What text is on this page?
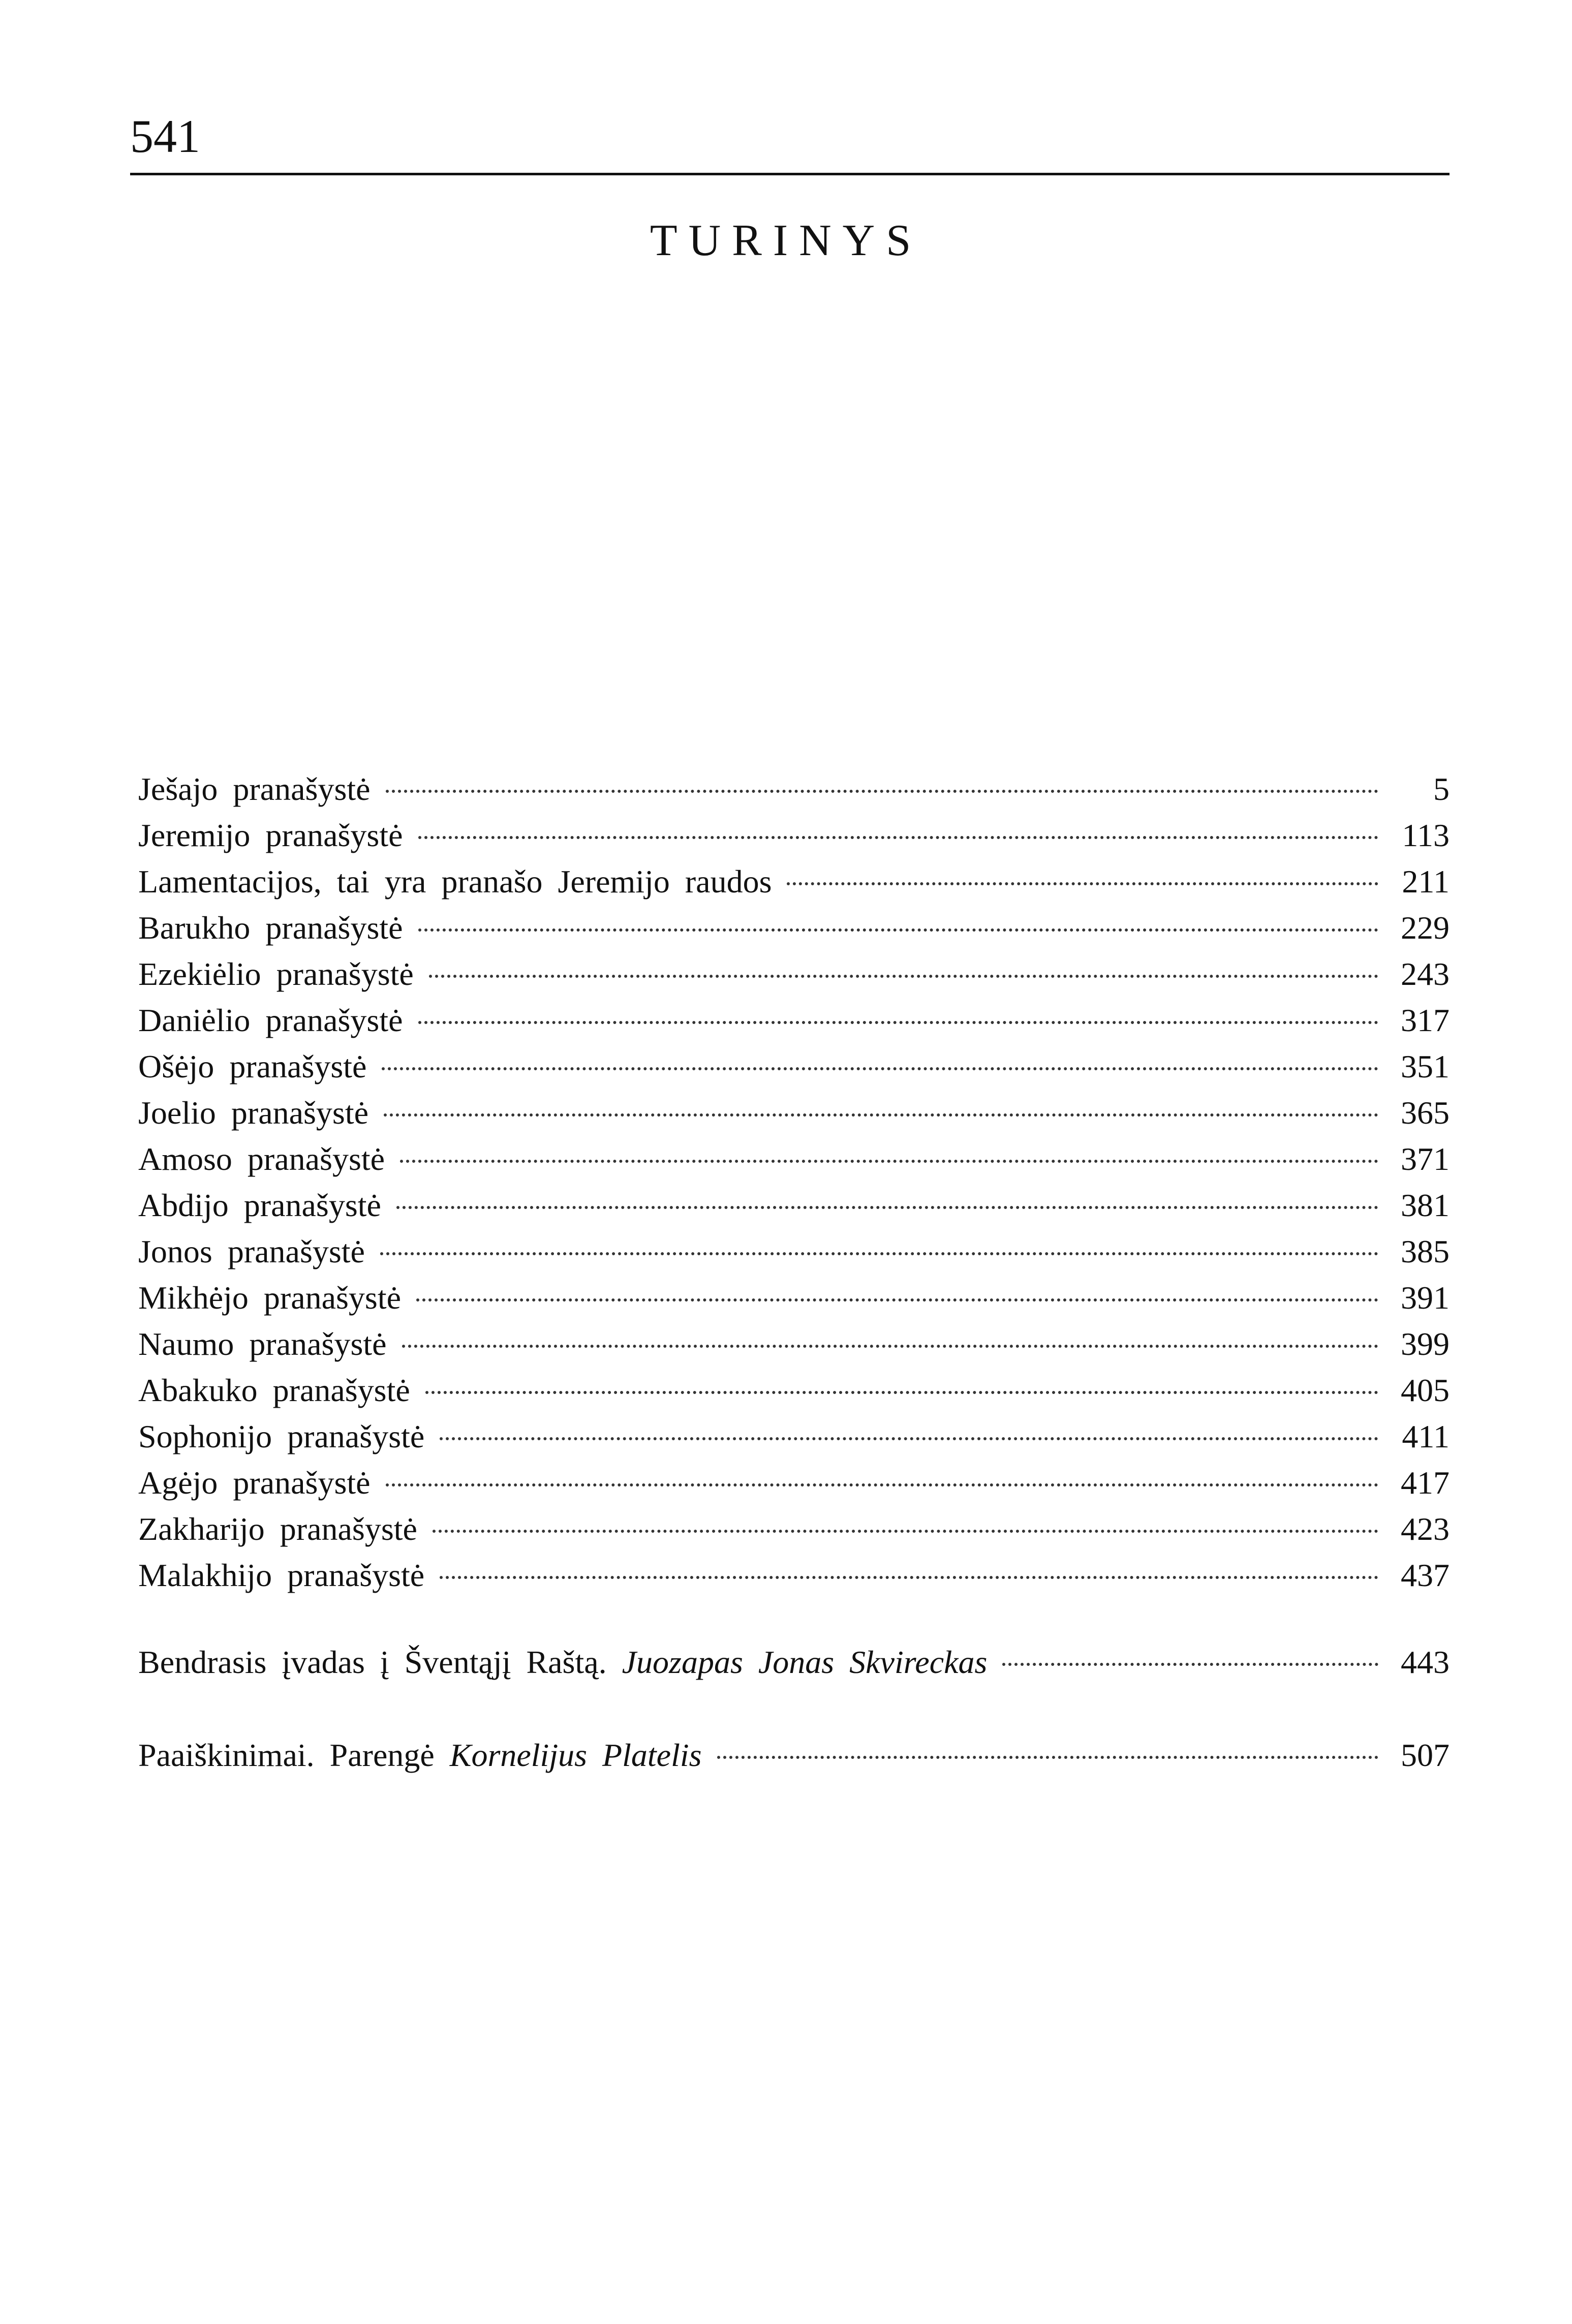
541
TURINYS
Ješajo pranašystė	5
Jeremijo pranašystė	113
Lamentacijos, tai yra pranašo Jeremijo raudos	211
Barukho pranašystė	229
Ezekiėlio pranašystė	243
Daniėlio pranašystė	317
Ošėjo pranašystė	351
Joelio pranašystė	365
Amoso pranašystė	371
Abdijo pranašystė	381
Jonos pranašystė	385
Mikhėjo pranašystė	391
Naumo pranašystė	399
Abakuko pranašystė	405
Sophonijo pranašystė	411
Agėjo pranašystė	417
Zakharijo pranašystė	423
Malakhijo pranašystė	437
Bendrasis įvadas į Šventąjį Raštą. Juozapas Jonas Skvireckas	443
Paaiškinimai. Parengė Kornelijus Platelis	507
